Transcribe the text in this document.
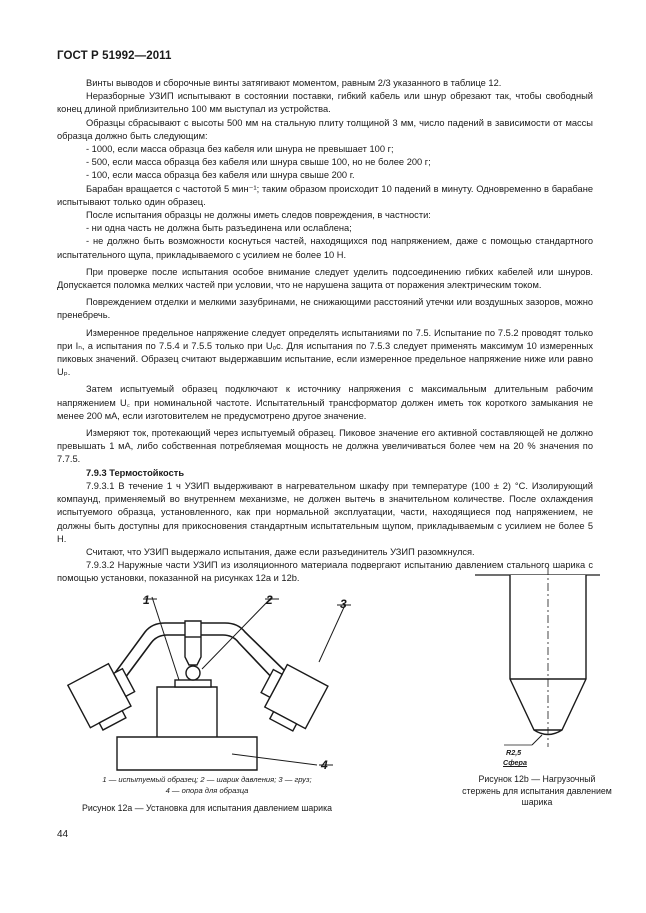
ГОСТ Р 51992—2011

Винты выводов и сборочные винты затягивают моментом, равным 2/3 указанного в таблице 12.

Неразборные УЗИП испытывают в состоянии поставки, гибкий кабель или шнур обрезают так, чтобы свободный конец длиной приблизительно 100 мм выступал из устройства.

Образцы сбрасывают с высоты 500 мм на стальную плиту толщиной 3 мм, число падений в зависимости от массы образца должно быть следующим:

- 1000, если масса образца без кабеля или шнура не превышает 100 г;

- 500, если масса образца без кабеля или шнура свыше 100, но не более 200 г;

- 100, если масса образца без кабеля или шнура свыше 200 г.

Барабан вращается с частотой 5 мин⁻¹; таким образом происходит 10 падений в минуту. Одновременно в барабане испытывают только один образец.

После испытания образцы не должны иметь следов повреждения, в частности:

- ни одна часть не должна быть разъединена или ослаблена;

- не должно быть возможности коснуться частей, находящихся под напряжением, даже с помощью стандартного испытательного щупа, прикладываемого с усилием не более 10 Н.

При проверке после испытания особое внимание следует уделить подсоединению гибких кабелей или шнуров. Допускается поломка мелких частей при условии, что не нарушена защита от поражения электрическим током.

Повреждением отделки и мелкими зазубринами, не снижающими расстояний утечки или воздушных зазоров, можно пренебречь.

Измеренное предельное напряжение следует определять испытаниями по 7.5. Испытание по 7.5.2 проводят только при Iₙ, а испытания по 7.5.4 и 7.5.5 только при Uₒc. Для испытания по 7.5.3 следует применять максимум 10 измеренных пиковых значений. Образец считают выдержавшим испытание, если измеренное предельное напряжение ниже или равно Uₚ.

Затем испытуемый образец подключают к источнику напряжения с максимальным длительным рабочим напряжением U꜀ при номинальной частоте. Испытательный трансформатор должен иметь ток короткого замыкания не менее 200 мА, если изготовителем не предусмотрено другое значение.

Измеряют ток, протекающий через испытуемый образец. Пиковое значение его активной составляющей не должно превышать 1 мА, либо собственная потребляемая мощность не должна увеличиваться более чем на 20 % значения по 7.7.5.

7.9.3 Термостойкость

7.9.3.1 В течение 1 ч УЗИП выдерживают в нагревательном шкафу при температуре (100 ± 2) °С. Изолирующий компаунд, применяемый во внутреннем механизме, не должен вытечь в значительном количестве. После охлаждения испытуемого образца, установленного, как при нормальной эксплуатации, части, находящиеся под напряжением, не должны быть доступны для прикосновения стандартным испытательным щупом, прикладываемым с усилием не более 5 Н.

Считают, что УЗИП выдержало испытания, даже если разъединитель УЗИП разомкнулся.

7.9.3.2 Наружные части УЗИП из изоляционного материала подвергают испытанию давлением стального шарика с помощью установки, показанной на рисунках 12а и 12b.

1	2	3
4
1 — испытуемый образец; 2 — шарик давления; 3 — груз;
4 — опора для образца
Рисунок 12а — Установка для испытания давлением шарика
R2,5
Сфера
Рисунок 12b — Нагрузочный стержень для испытания давлением шарика
44
